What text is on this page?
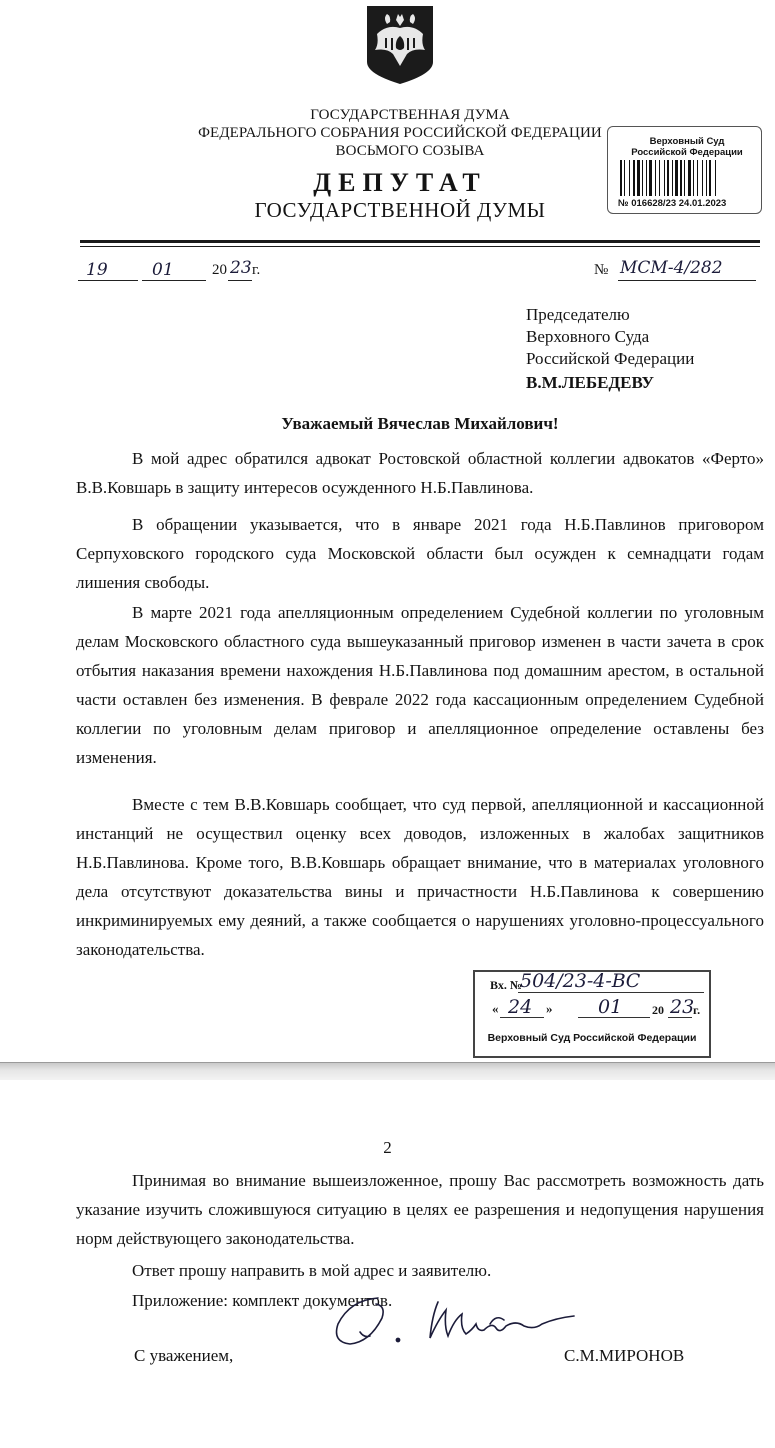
ГОСУДАРСТВЕННАЯ ДУМА
ФЕДЕРАЛЬНОГО СОБРАНИЯ РОССИЙСКОЙ ФЕДЕРАЦИИ
ВОСЬМОГО СОЗЫВА
ДЕПУТАТ
ГОСУДАРСТВЕННОЙ ДУМЫ
Верховный Суд
Российской Федерации
№ 016628/23 24.01.2023
19	01	20 23 г.	№ МСМ-4/282
Председателю
Верховного Суда
Российской Федерации
В.М.ЛЕБЕДЕВУ
Уважаемый Вячеслав Михайлович!
В мой адрес обратился адвокат Ростовской областной коллегии адвокатов «Ферто» В.В.Ковшарь в защиту интересов осужденного Н.Б.Павлинова.
В обращении указывается, что в январе 2021 года Н.Б.Павлинов приговором Серпуховского городского суда Московской области был осужден к семнадцати годам лишения свободы.
В марте 2021 года апелляционным определением Судебной коллегии по уголовным делам Московского областного суда вышеуказанный приговор изменен в части зачета в срок отбытия наказания времени нахождения Н.Б.Павлинова под домашним арестом, в остальной части оставлен без изменения. В феврале 2022 года кассационным определением Судебной коллегии по уголовным делам приговор и апелляционное определение оставлены без изменения.
Вместе с тем В.В.Ковшарь сообщает, что суд первой, апелляционной и кассационной инстанций не осуществил оценку всех доводов, изложенных в жалобах защитников Н.Б.Павлинова. Кроме того, В.В.Ковшарь обращает внимание, что в материалах уголовного дела отсутствуют доказательства вины и причастности Н.Б.Павлинова к совершению инкриминируемых ему деяний, а также сообщается о нарушениях уголовно-процессуального законодательства.
Вх. №
504/23-4-ВС
« 24 » 01 20 23
г.
Верховный Суд Российской Федерации
2
Принимая во внимание вышеизложенное, прошу Вас рассмотреть возможность дать указание изучить сложившуюся ситуацию в целях ее разрешения и недопущения нарушения норм действующего законодательства.
Ответ прошу направить в мой адрес и заявителю.
Приложение: комплект документов.
С уважением,	С.М.МИРОНОВ
